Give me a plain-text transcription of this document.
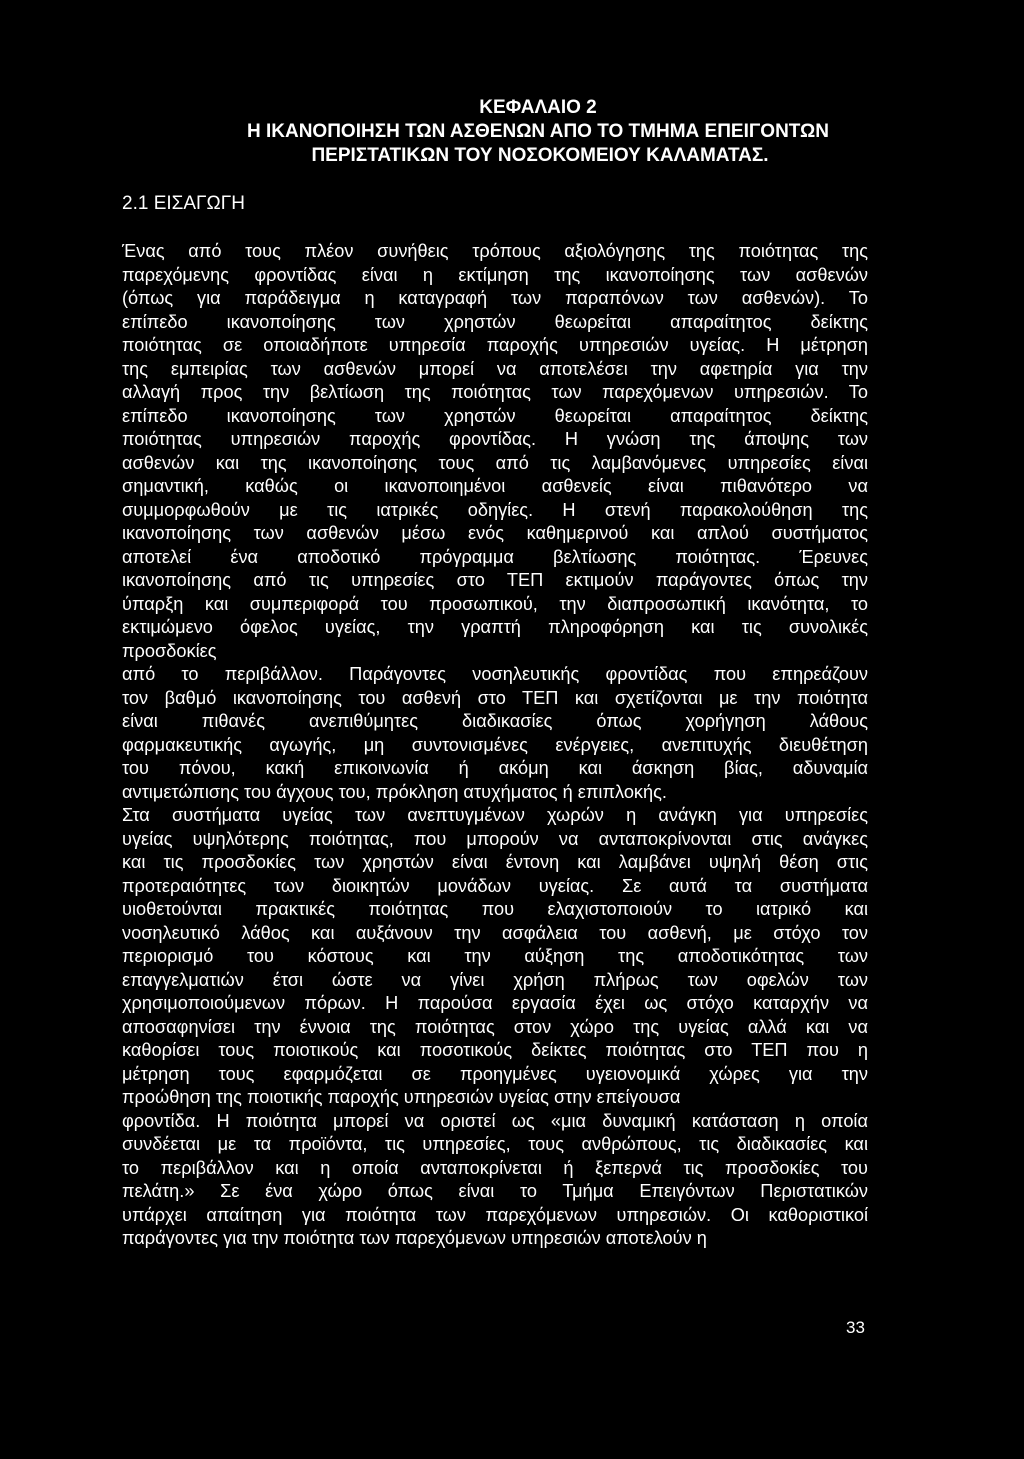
ΚΕΦΑΛΑΙΟ 2
Η ΙΚΑΝΟΠΟΙΗΣΗ ΤΩΝ ΑΣΘΕΝΩΝ ΑΠΟ ΤΟ ΤΜΗΜΑ ΕΠΕΙΓΟΝΤΩΝ
ΠΕΡΙΣΤΑΤΙΚΩΝ ΤΟΥ ΝΟΣΟΚΟΜΕΙΟΥ ΚΑΛΑΜΑΤΑΣ.
2.1 ΕΙΣΑΓΩΓΗ
Ένας από τους πλέον συνήθεις τρόπους αξιολόγησης της ποιότητας της
παρεχόμενης φροντίδας είναι η εκτίμηση της ικανοποίησης των ασθενών
(όπως για παράδειγμα η καταγραφή των παραπόνων των ασθενών). Το
επίπεδο ικανοποίησης των χρηστών θεωρείται απαραίτητος δείκτης
ποιότητας σε οποιαδήποτε υπηρεσία παροχής υπηρεσιών υγείας. Η μέτρηση
της εμπειρίας των ασθενών μπορεί να αποτελέσει την αφετηρία για την
αλλαγή προς την βελτίωση της ποιότητας των παρεχόμενων υπηρεσιών. Το
επίπεδο ικανοποίησης των χρηστών θεωρείται απαραίτητος δείκτης
ποιότητας υπηρεσιών παροχής φροντίδας. Η γνώση της άποψης των
ασθενών και της ικανοποίησης τους από τις λαμβανόμενες υπηρεσίες είναι
σημαντική, καθώς οι ικανοποιημένοι ασθενείς είναι πιθανότερο να
συμμορφωθούν με τις ιατρικές οδηγίες. Η στενή παρακολούθηση της
ικανοποίησης των ασθενών μέσω ενός καθημερινού και απλού συστήματος
αποτελεί ένα αποδοτικό πρόγραμμα βελτίωσης ποιότητας. Έρευνες
ικανοποίησης από τις υπηρεσίες στο ΤΕΠ εκτιμούν παράγοντες όπως την
ύπαρξη και συμπεριφορά του προσωπικού, την διαπροσωπική ικανότητα, το
εκτιμώμενο όφελος υγείας, την γραπτή πληροφόρηση και τις συνολικές
προσδοκίες
από το περιβάλλον. Παράγοντες νοσηλευτικής φροντίδας που επηρεάζουν
τον βαθμό ικανοποίησης του ασθενή στο ΤΕΠ και σχετίζονται με την ποιότητα
είναι πιθανές ανεπιθύμητες διαδικασίες όπως χορήγηση λάθους
φαρμακευτικής αγωγής, μη συντονισμένες ενέργειες, ανεπιτυχής διευθέτηση
του πόνου, κακή επικοινωνία ή ακόμη και άσκηση βίας, αδυναμία
αντιμετώπισης του άγχους του, πρόκληση ατυχήματος ή επιπλοκής.
Στα συστήματα υγείας των ανεπτυγμένων χωρών η ανάγκη για υπηρεσίες
υγείας υψηλότερης ποιότητας, που μπορούν να ανταποκρίνονται στις ανάγκες
και τις προσδοκίες των χρηστών είναι έντονη και λαμβάνει υψηλή θέση στις
προτεραιότητες των διοικητών μονάδων υγείας. Σε αυτά τα συστήματα
υιοθετούνται πρακτικές ποιότητας που ελαχιστοποιούν το ιατρικό και
νοσηλευτικό λάθος και αυξάνουν την ασφάλεια του ασθενή, με στόχο τον
περιορισμό του κόστους και την αύξηση της αποδοτικότητας των
επαγγελματιών έτσι ώστε να γίνει χρήση πλήρως των οφελών των
χρησιμοποιούμενων πόρων. Η παρούσα εργασία έχει ως στόχο καταρχήν να
αποσαφηνίσει την έννοια της ποιότητας στον χώρο της υγείας αλλά και να
καθορίσει τους ποιοτικούς και ποσοτικούς δείκτες ποιότητας στο ΤΕΠ που η
μέτρηση τους εφαρμόζεται σε προηγμένες υγειονομικά χώρες για την
προώθηση της ποιοτικής παροχής υπηρεσιών υγείας στην επείγουσα
φροντίδα. Η ποιότητα μπορεί να οριστεί ως «μια δυναμική κατάσταση η οποία
συνδέεται με τα προϊόντα, τις υπηρεσίες, τους ανθρώπους, τις διαδικασίες και
το περιβάλλον και η οποία ανταποκρίνεται ή ξεπερνά τις προσδοκίες του
πελάτη.» Σε ένα χώρο όπως είναι το Τμήμα Επειγόντων Περιστατικών
υπάρχει απαίτηση για ποιότητα των παρεχόμενων υπηρεσιών. Οι καθοριστικοί
παράγοντες για την ποιότητα των παρεχόμενων υπηρεσιών αποτελούν η
33
